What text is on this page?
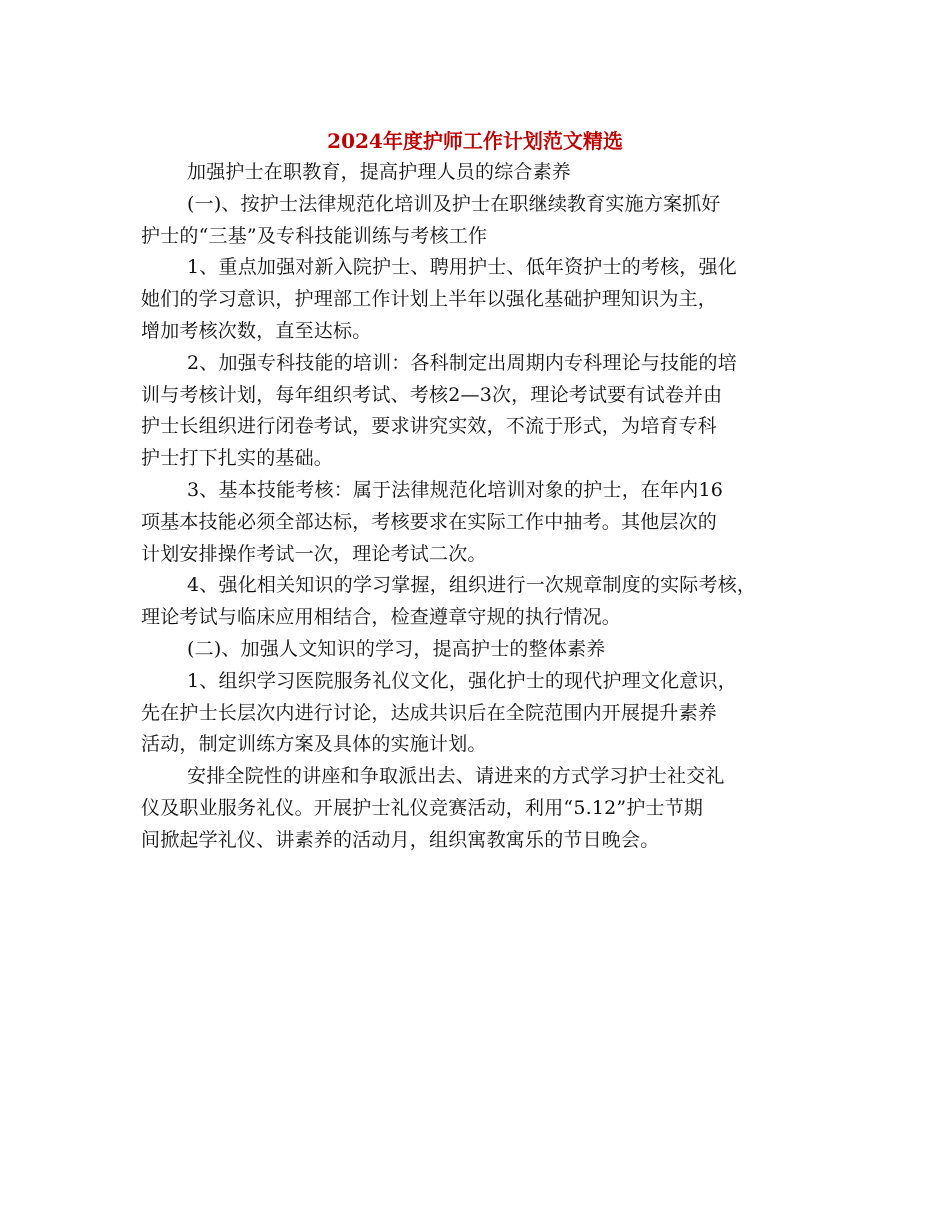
2024年度护师工作计划范文精选

加强护士在职教育，提高护理人员的综合素养

(一)、按护士法律规范化培训及护士在职继续教育实施方案抓好
护士的“三基”及专科技能训练与考核工作

1、重点加强对新入院护士、聘用护士、低年资护士的考核，强化
她们的学习意识，护理部工作计划上半年以强化基础护理知识为主，
增加考核次数，直至达标。

2、加强专科技能的培训：各科制定出周期内专科理论与技能的培
训与考核计划，每年组织考试、考核2—3次，理论考试要有试卷并由
护士长组织进行闭卷考试，要求讲究实效，不流于形式，为培育专科
护士打下扎实的基础。

3、基本技能考核：属于法律规范化培训对象的护士，在年内16
项基本技能必须全部达标，考核要求在实际工作中抽考。其他层次的
计划安排操作考试一次，理论考试二次。

4、强化相关知识的学习掌握，组织进行一次规章制度的实际考核，
理论考试与临床应用相结合，检查遵章守规的执行情况。

(二)、加强人文知识的学习，提高护士的整体素养

1、组织学习医院服务礼仪文化，强化护士的现代护理文化意识，
先在护士长层次内进行讨论，达成共识后在全院范围内开展提升素养
活动，制定训练方案及具体的实施计划。

安排全院性的讲座和争取派出去、请进来的方式学习护士社交礼
仪及职业服务礼仪。开展护士礼仪竞赛活动，利用“5.12”护士节期
间掀起学礼仪、讲素养的活动月，组织寓教寓乐的节日晚会。
